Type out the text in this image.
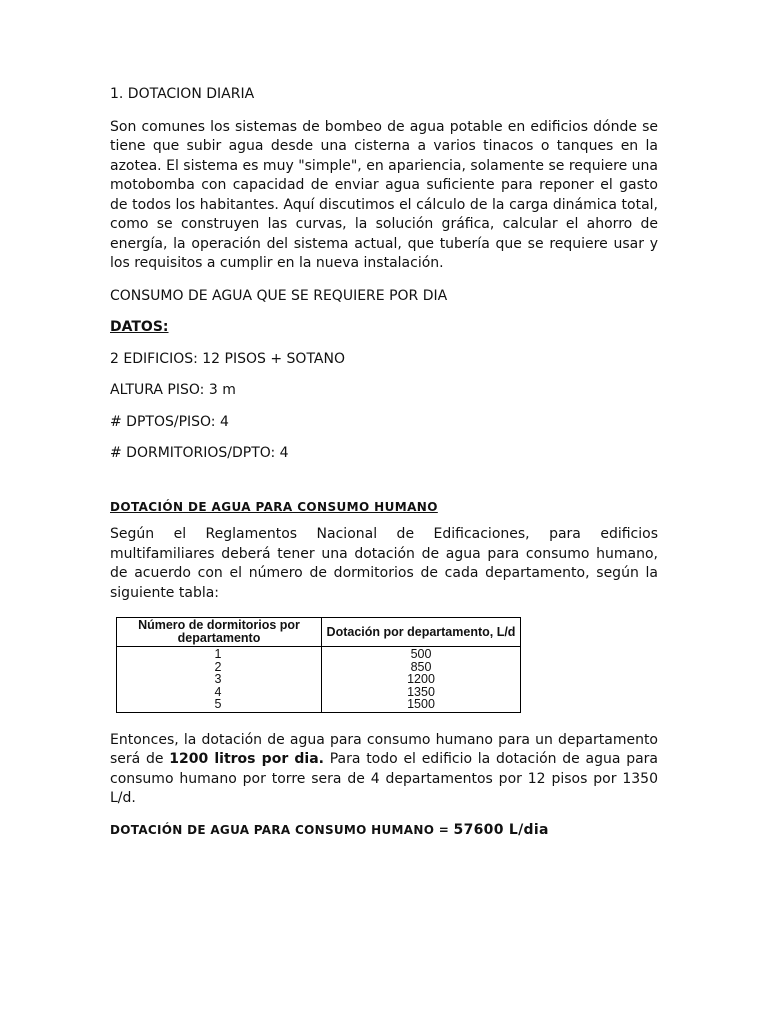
1. DOTACION DIARIA

Son comunes los sistemas de bombeo de agua potable en edificios dónde se tiene que subir agua desde una cisterna a varios tinacos o tanques en la azotea. El sistema es muy "simple", en apariencia, solamente se requiere una motobomba con capacidad de enviar agua suficiente para reponer el gasto de todos los habitantes. Aquí discutimos el cálculo de la carga dinámica total, como se construyen las curvas, la solución gráfica, calcular el ahorro de energía, la operación del sistema actual, que tubería que se requiere usar y los requisitos a cumplir en la nueva instalación.

CONSUMO DE AGUA QUE SE REQUIERE POR DIA

DATOS:

2 EDIFICIOS: 12 PISOS + SOTANO

ALTURA PISO: 3 m

# DPTOS/PISO: 4

# DORMITORIOS/DPTO: 4

DOTACIÓN DE AGUA PARA CONSUMO HUMANO

Según el Reglamentos Nacional de Edificaciones, para edificios multifamiliares deberá tener una dotación de agua para consumo humano, de acuerdo con el número de dormitorios de cada departamento, según la siguiente tabla:

Número de dormitorios por departamento	Dotación por departamento, L/d
1	500
2	850
3	1200
4	1350
5	1500

Entonces, la dotación de agua para consumo humano para un departamento será de 1200 litros por dia. Para todo el edificio la dotación de agua para consumo humano por torre sera de 4 departamentos por 12 pisos por 1350 L/d.

DOTACIÓN DE AGUA PARA CONSUMO HUMANO = 57600 L/dia
